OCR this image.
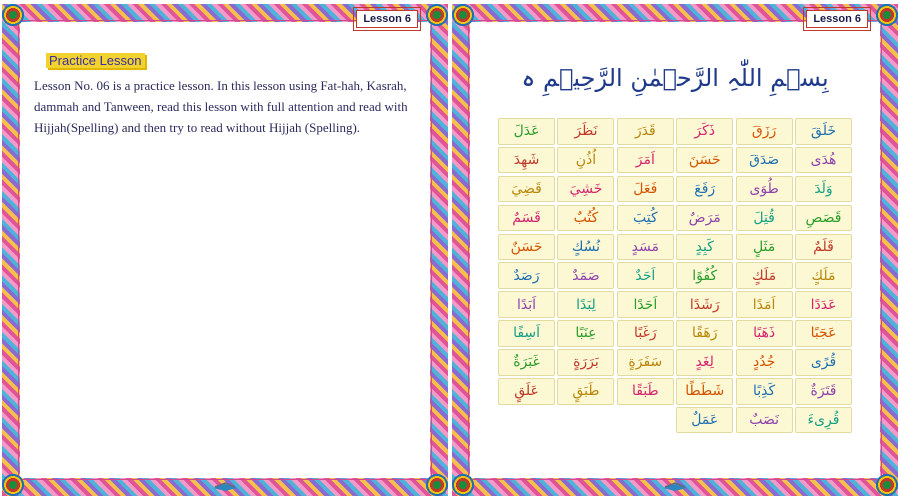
Lesson 6
Practice Lesson

Lesson No. 06 is a practice lesson. In this lesson using Fat-hah, Kasrah, dammah and Tanween, read this lesson with full attention and read with Hijjah(Spelling) and then try to read without Hijjah (Spelling).

Lesson 6
بِسۡمِ اللّٰہِ الرَّحۡمٰنِ الرَّحِیۡمِ ہ
خَلَقَ
رَزَقَ
ذَكَرَ
قَدَرَ
نَظَرَ
عَدَلَ
هُدَى
صَدَقَ
حَسَنَ
اَمَرَ
اُذُنِ
شَهِدَ
وَلَدَ
طُوَى
رَفَعَ
فَعَلَ
خَشِيَ
قَضِيَ
قَصَصِ
قُتِلَ
مَرَضٌ
كُتِبَ
كُتُبٌ
قَسَمٌ
قَلَمٌ
مَثَلٍ
كَبِدٍ
مَسَدٍ
نُسُكٍ
حَسَنٌ
مَلَكٍ
مَلَكٍ
كُفُوًا
اَحَدٌ
صَمَدٌ
رَصَدٌ
عَدَدًا
اَمَدًا
رَشَدًا
اَحَدًا
لِبَدًا
اَبَدًا
عَجَبًا
ذَهَبًا
رَهَقًا
رَغَبًا
عِنَبًا
اَسِفًا
قُرًى
جُدُدٍ
لِغَدٍ
سَفَرَةٍ
بَرَرَةٍ
غَبَرَةٌ
قَتَرَةٌ
كَذِبًا
شَطَطًا
طَبَقًا
طَبَقٍ
عَلَقٍ
قُرِىءَ
نَصَبٌ
عَمَلٌ
